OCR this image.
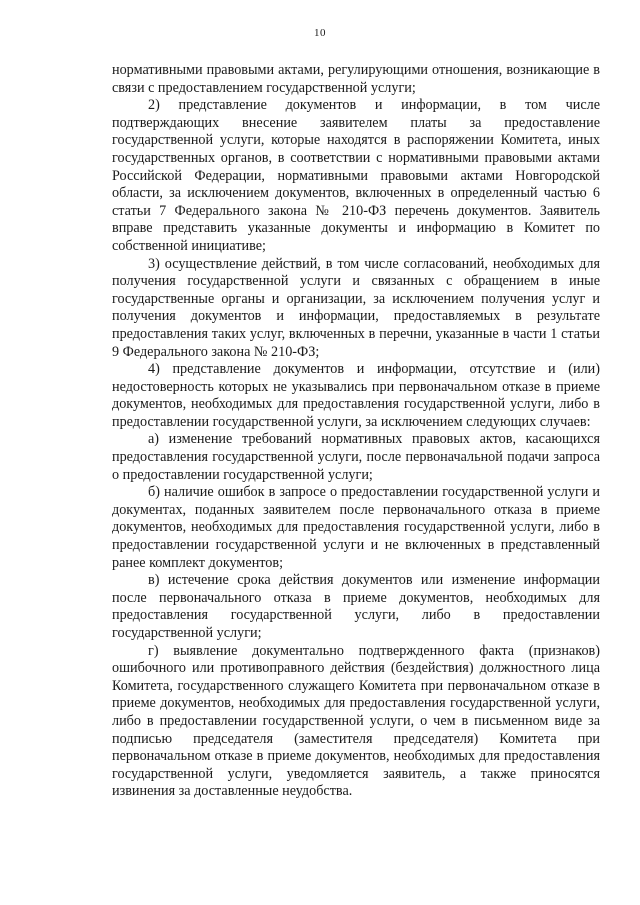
10

нормативными правовыми актами, регулирующими отношения, возникающие в связи с предоставлением государственной услуги;

2) представление документов и информации, в том числе подтверждающих внесение заявителем платы за предоставление государственной услуги, которые находятся в распоряжении Комитета, иных государственных органов, в соответствии с нормативными правовыми актами Российской Федерации, нормативными правовыми актами Новгородской области, за исключением документов, включенных в определенный частью 6 статьи 7 Федерального закона № 210-ФЗ перечень документов. Заявитель вправе представить указанные документы и информацию в Комитет по собственной инициативе;

3) осуществление действий, в том числе согласований, необходимых для получения государственной услуги и связанных с обращением в иные государственные органы и организации, за исключением получения услуг и получения документов и информации, предоставляемых в результате предоставления таких услуг, включенных в перечни, указанные в части 1 статьи 9 Федерального закона № 210-ФЗ;

4) представление документов и информации, отсутствие и (или) недостоверность которых не указывались при первоначальном отказе в приеме документов, необходимых для предоставления государственной услуги, либо в предоставлении государственной услуги, за исключением следующих случаев:

а) изменение требований нормативных правовых актов, касающихся предоставления государственной услуги, после первоначальной подачи запроса о предоставлении государственной услуги;

б) наличие ошибок в запросе о предоставлении государственной услуги и документах, поданных заявителем после первоначального отказа в приеме документов, необходимых для предоставления государственной услуги, либо в предоставлении государственной услуги и не включенных в представленный ранее комплект документов;

в) истечение срока действия документов или изменение информации после первоначального отказа в приеме документов, необходимых для предоставления государственной услуги, либо в предоставлении государственной услуги;

г) выявление документально подтвержденного факта (признаков) ошибочного или противоправного действия (бездействия) должностного лица Комитета, государственного служащего Комитета при первоначальном отказе в приеме документов, необходимых для предоставления государственной услуги, либо в предоставлении государственной услуги, о чем в письменном виде за подписью председателя (заместителя председателя) Комитета при первоначальном отказе в приеме документов, необходимых для предоставления государственной услуги, уведомляется заявитель, а также приносятся извинения за доставленные неудобства.
